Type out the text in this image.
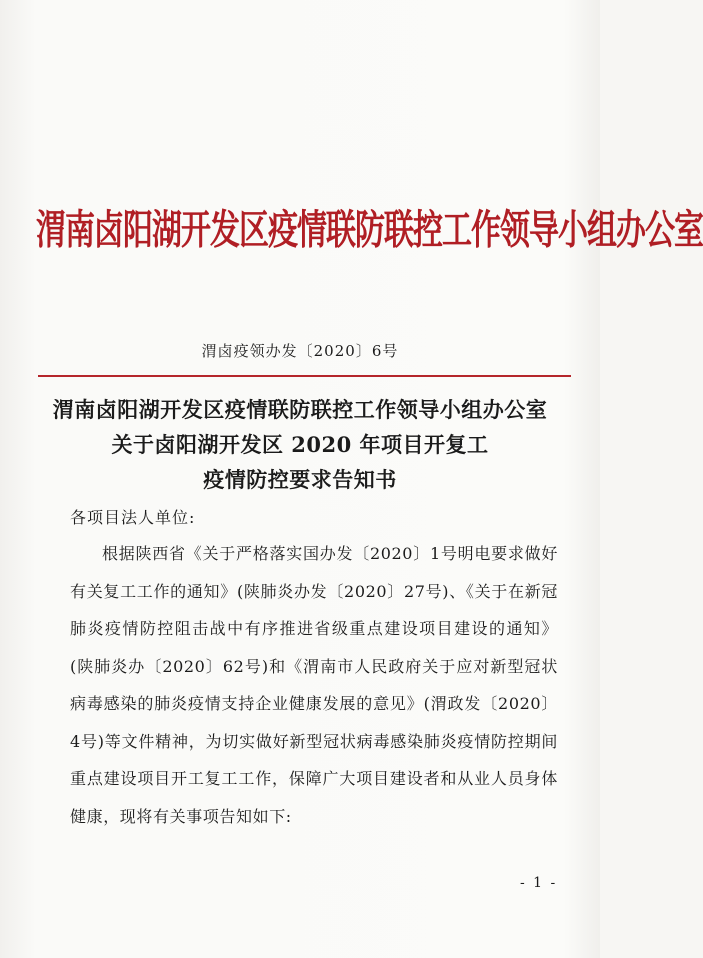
渭南卤阳湖开发区疫情联防联控工作领导小组办公室
渭卤疫领办发〔2020〕6号
渭南卤阳湖开发区疫情联防联控工作领导小组办公室
关于卤阳湖开发区 2020 年项目开复工
疫情防控要求告知书
各项目法人单位:
根据陕西省《关于严格落实国办发〔2020〕1号明电要求做好有关复工工作的通知》(陕肺炎办发〔2020〕27号)、《关于在新冠肺炎疫情防控阻击战中有序推进省级重点建设项目建设的通知》(陕肺炎办〔2020〕62号)和《渭南市人民政府关于应对新型冠状病毒感染的肺炎疫情支持企业健康发展的意见》(渭政发〔2020〕4号)等文件精神，为切实做好新型冠状病毒感染肺炎疫情防控期间重点建设项目开工复工工作，保障广大项目建设者和从业人员身体健康，现将有关事项告知如下:
- 1 -
